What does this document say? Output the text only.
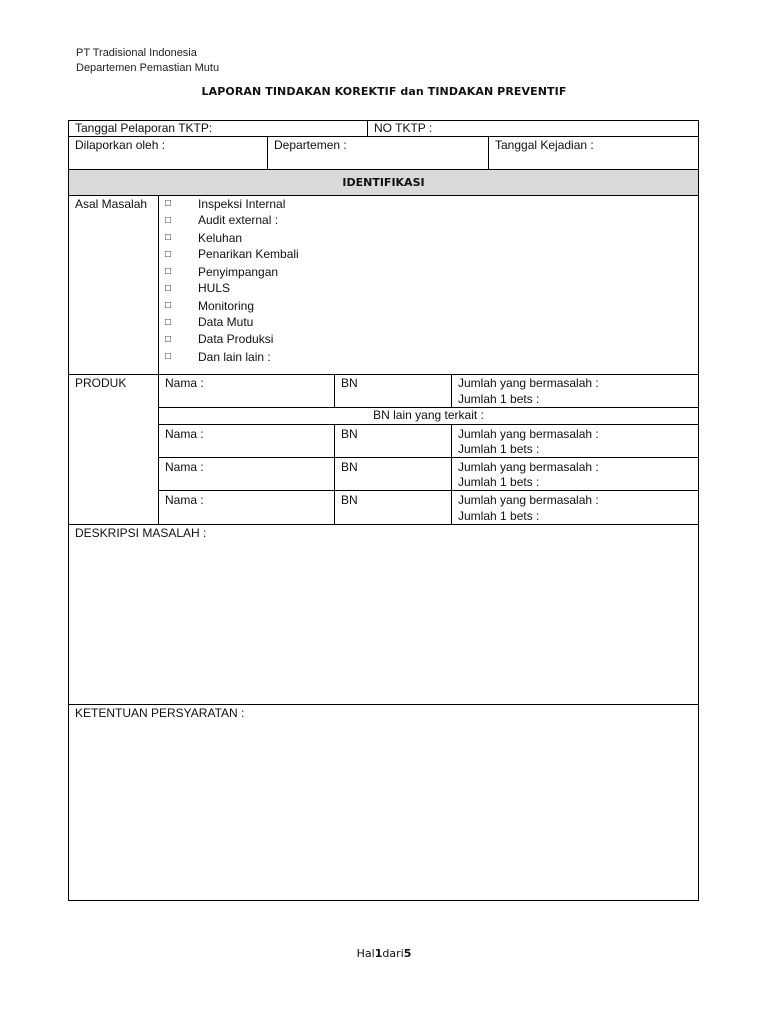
PT Tradisional Indonesia
Departemen Pemastian Mutu
LAPORAN TINDAKAN KOREKTIF dan TINDAKAN PREVENTIF
Tanggal Pelaporan TKTP:	NO TKTP :
Dilaporkan oleh :	Departemen :	Tanggal Kejadian :
IDENTIFIKASI
Asal Masalah □ Inspeksi Internal
□ Audit external :
□ Keluhan
□ Penarikan Kembali
□ Penyimpangan
□ HULS
□ Monitoring
□ Data Mutu
□ Data Produksi
□ Dan lain lain :
PRODUK	Nama :	BN	Jumlah yang bermasalah :
Jumlah 1 bets :
BN lain yang terkait :
Nama :	BN	Jumlah yang bermasalah :
Jumlah 1 bets :
Nama :	BN	Jumlah yang bermasalah :
Jumlah 1 bets :
Nama :	BN	Jumlah yang bermasalah :
Jumlah 1 bets :
DESKRIPSI MASALAH :
KETENTUAN PERSYARATAN :
Hal1dari5
